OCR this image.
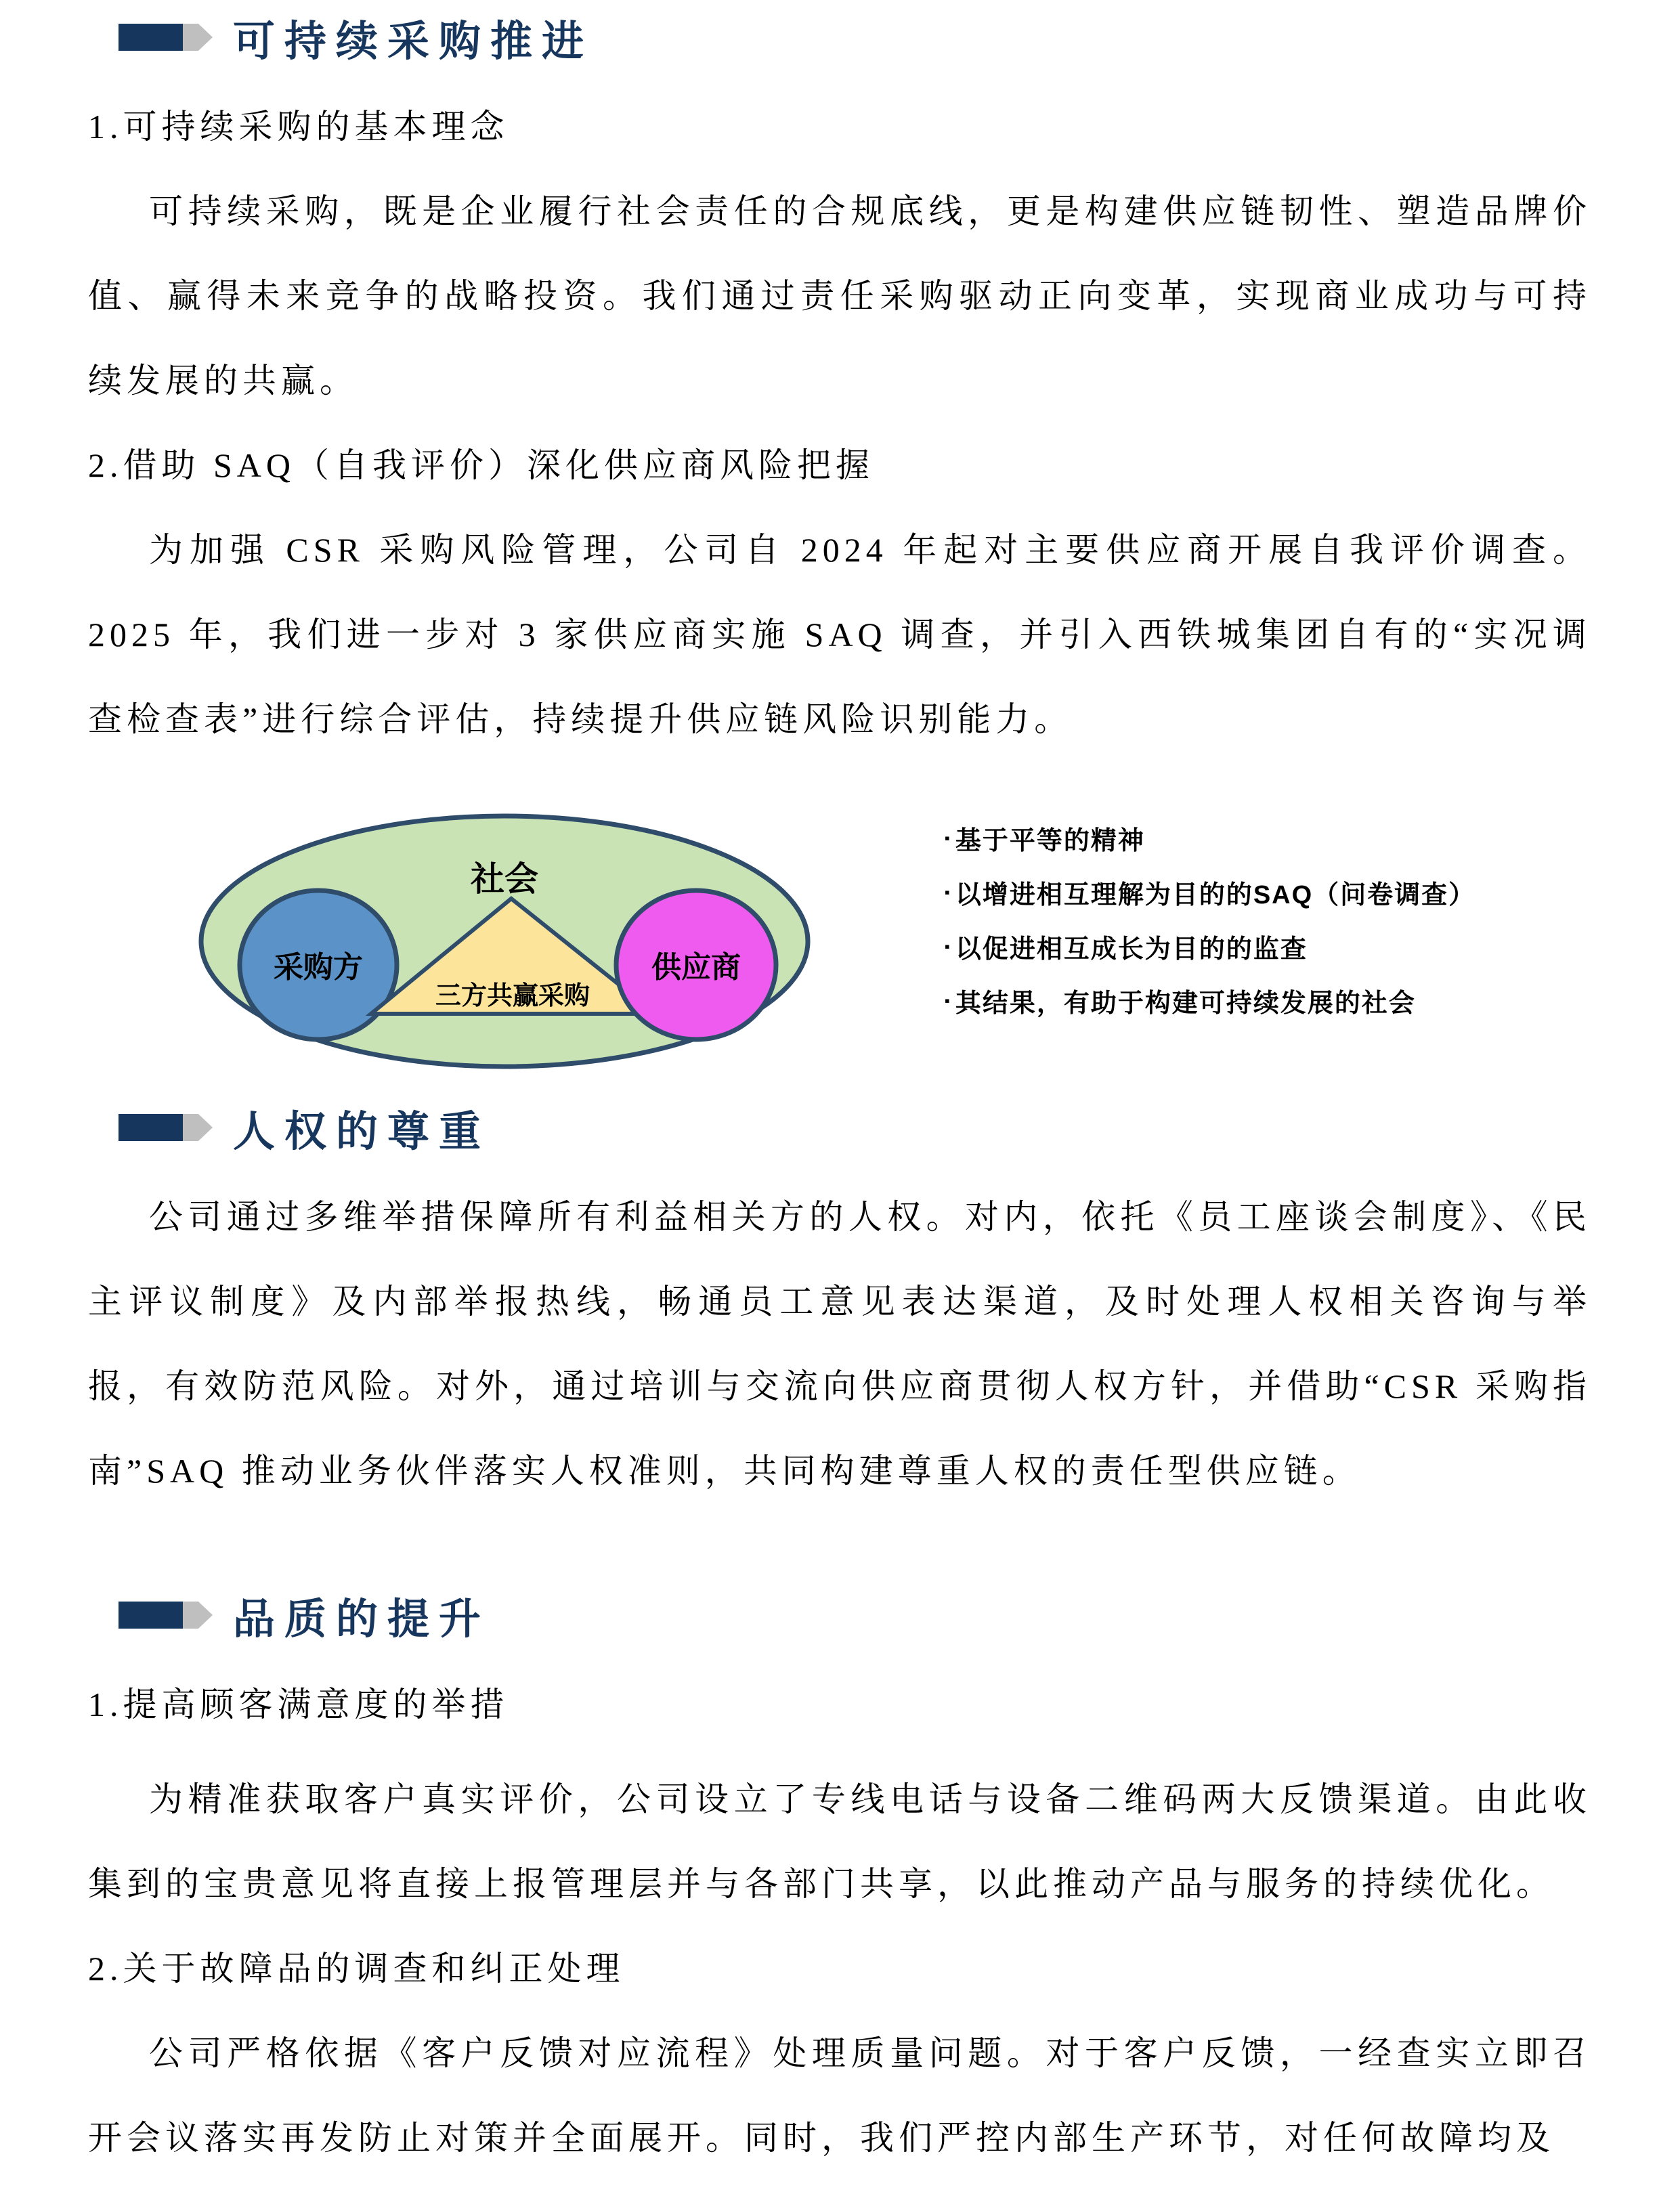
可持续采购推进

1.可持续采购的基本理念

可持续采购，既是企业履行社会责任的合规底线，更是构建供应链韧性、塑造品牌价值、赢得未来竞争的战略投资。我们通过责任采购驱动正向变革，实现商业成功与可持续发展的共赢。

2.借助 SAQ（自我评价）深化供应商风险把握

为加强 CSR 采购风险管理，公司自 2024 年起对主要供应商开展自我评价调查。2025 年，我们进一步对 3 家供应商实施 SAQ 调查，并引入西铁城集团自有的“实况调查检查表”进行综合评估，持续提升供应链风险识别能力。

社会
采购方	供应商
三方共赢采购
▪ 基于平等的精神
▪ 以增进相互理解为目的的SAQ（问卷调查）
▪ 以促进相互成长为目的的监查
▪ 其结果，有助于构建可持续发展的社会
人权的尊重

公司通过多维举措保障所有利益相关方的人权。对内，依托《员工座谈会制度》、《民主评议制度》及内部举报热线，畅通员工意见表达渠道，及时处理人权相关咨询与举报，有效防范风险。对外，通过培训与交流向供应商贯彻人权方针，并借助“CSR 采购指南”SAQ 推动业务伙伴落实人权准则，共同构建尊重人权的责任型供应链。

品质的提升

1.提高顾客满意度的举措

为精准获取客户真实评价，公司设立了专线电话与设备二维码两大反馈渠道。由此收集到的宝贵意见将直接上报管理层并与各部门共享，以此推动产品与服务的持续优化。

2.关于故障品的调查和纠正处理

公司严格依据《客户反馈对应流程》处理质量问题。对于客户反馈，一经查实立即召开会议落实再发防止对策并全面展开。同时，我们严控内部生产环节，对任何故障均及
